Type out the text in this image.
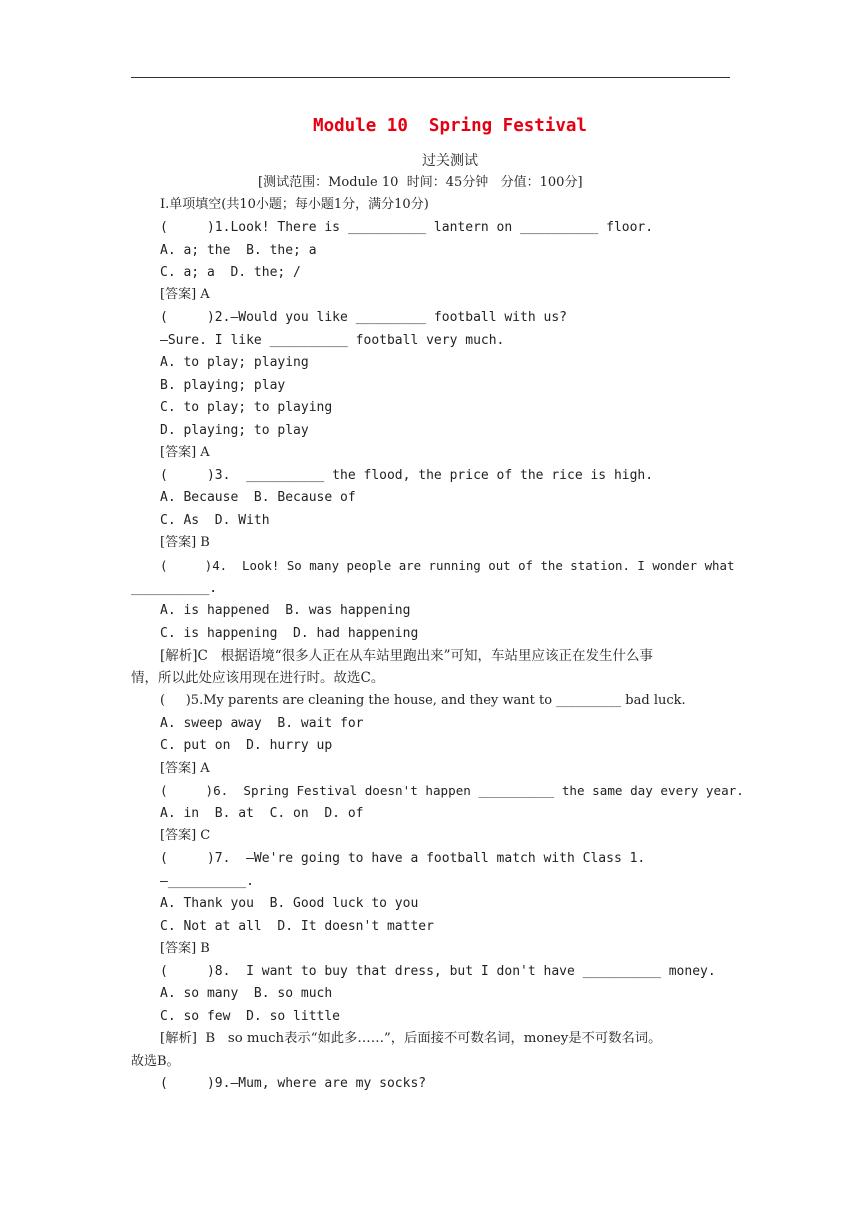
Module 10  Spring Festival
过关测试
[测试范围：Module 10  时间：45分钟   分值：100分]
Ⅰ.单项填空(共10小题；每小题1分，满分10分)
(     )1.Look! There is __________ lantern on __________ floor.
A. a; the  B. the; a
C. a; a  D. the; /
[答案] A
(     )2.—Would you like _________ football with us?
—Sure. I like __________ football very much.
A. to play; playing
B. playing; play
C. to play; to playing
D. playing; to play
[答案] A
(     )3.  __________ the flood, the price of the rice is high.
A. Because  B. Because of
C. As  D. With
[答案] B
(     )4.  Look! So many people are running out of the station. I wonder what
__________.
A. is happened  B. was happening
C. is happening  D. had happening
[解析]C   根据语境“很多人正在从车站里跑出来”可知，车站里应该正在发生什么事
情，所以此处应该用现在进行时。故选C。
(     )5.My parents are cleaning the house, and they want to __________ bad luck.
A. sweep away  B. wait for
C. put on  D. hurry up
[答案] A
(     )6.  Spring Festival doesn't happen __________ the same day every year.
A. in  B. at  C. on  D. of
[答案] C
(     )7.  —We're going to have a football match with Class 1.
—__________.
A. Thank you  B. Good luck to you
C. Not at all  D. It doesn't matter
[答案] B
(     )8.  I want to buy that dress, but I don't have __________ money.
A. so many  B. so much
C. so few  D. so little
[解析]  B   so much表示“如此多……”，后面接不可数名词，money是不可数名词。
故选B。
(     )9.—Mum, where are my socks?
